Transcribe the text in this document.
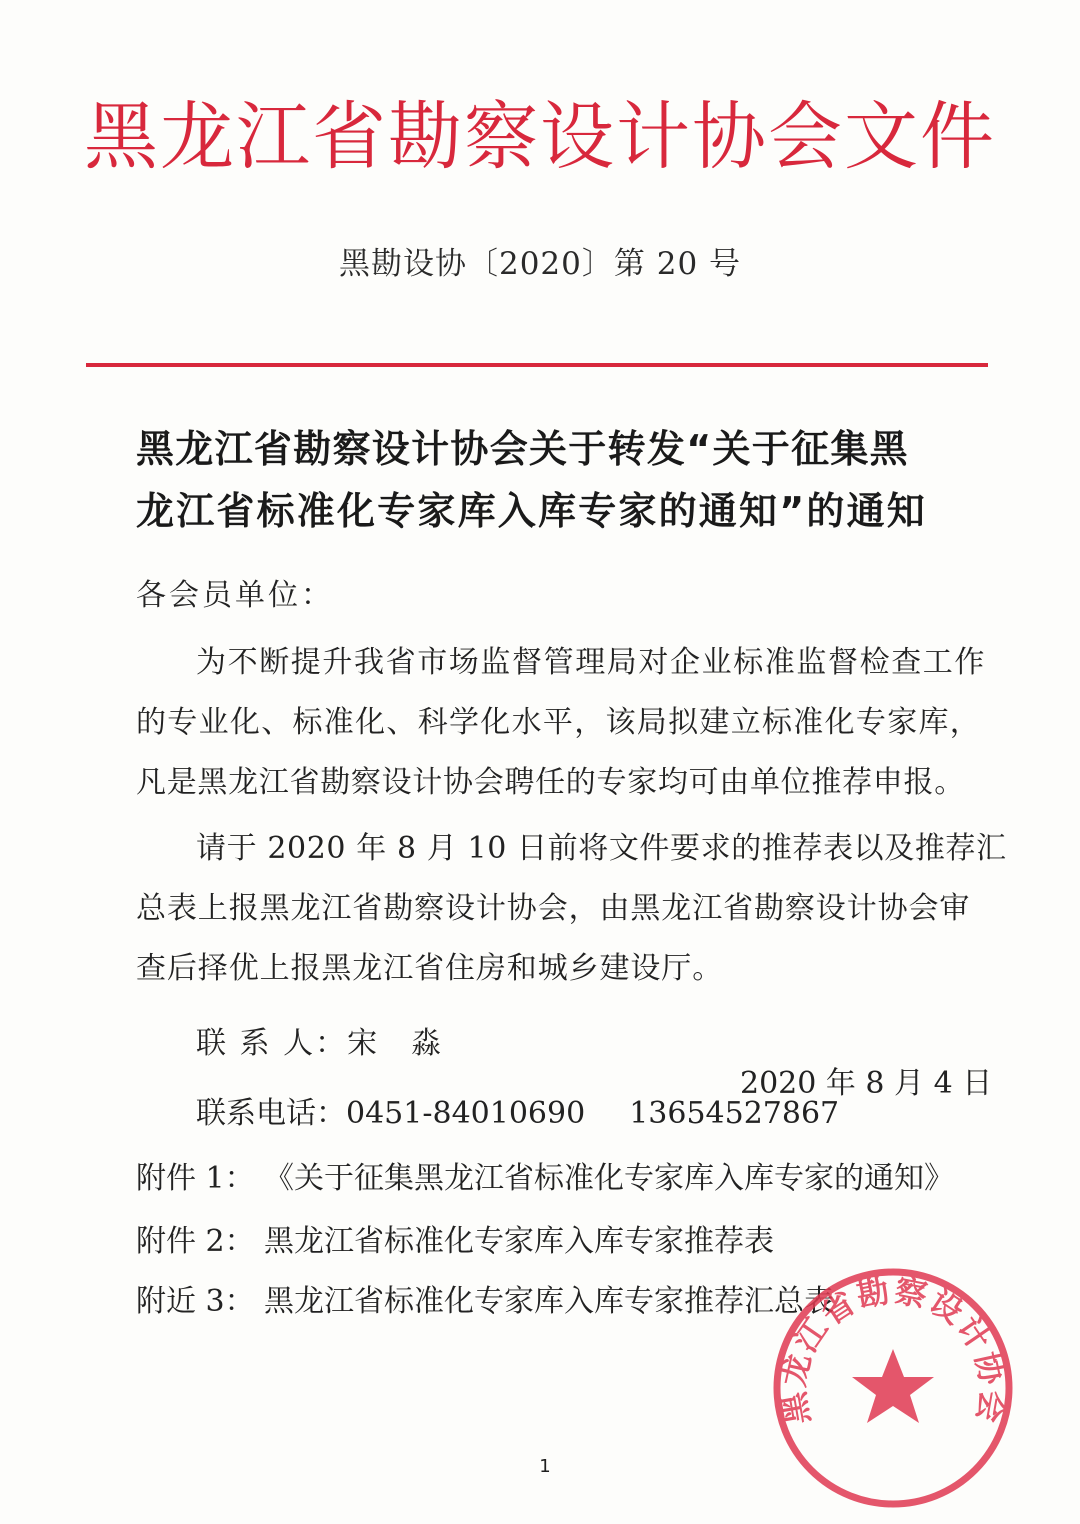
黑龙江省勘察设计协会文件
黑勘设协〔2020〕第 20 号
黑龙江省勘察设计协会关于转发“关于征集黑
龙江省标准化专家库入库专家的通知”的通知
各会员单位：
为不断提升我省市场监督管理局对企业标准监督检查工作
的专业化、标准化、科学化水平，该局拟建立标准化专家库，
凡是黑龙江省勘察设计协会聘任的专家均可由单位推荐申报。
请于 2020 年 8 月 10 日前将文件要求的推荐表以及推荐汇
总表上报黑龙江省勘察设计协会，由黑龙江省勘察设计协会审
查后择优上报黑龙江省住房和城乡建设厅。
联 系 人：宋　淼
联系电话：0451-84010690 13654527867
附件 1： 《关于征集黑龙江省标准化专家库入库专家的通知》
附件 2： 黑龙江省标准化专家库入库专家推荐表
附近 3： 黑龙江省标准化专家库入库专家推荐汇总表
黑龙江省勘察设计协会
2020 年 8 月 4 日
1
